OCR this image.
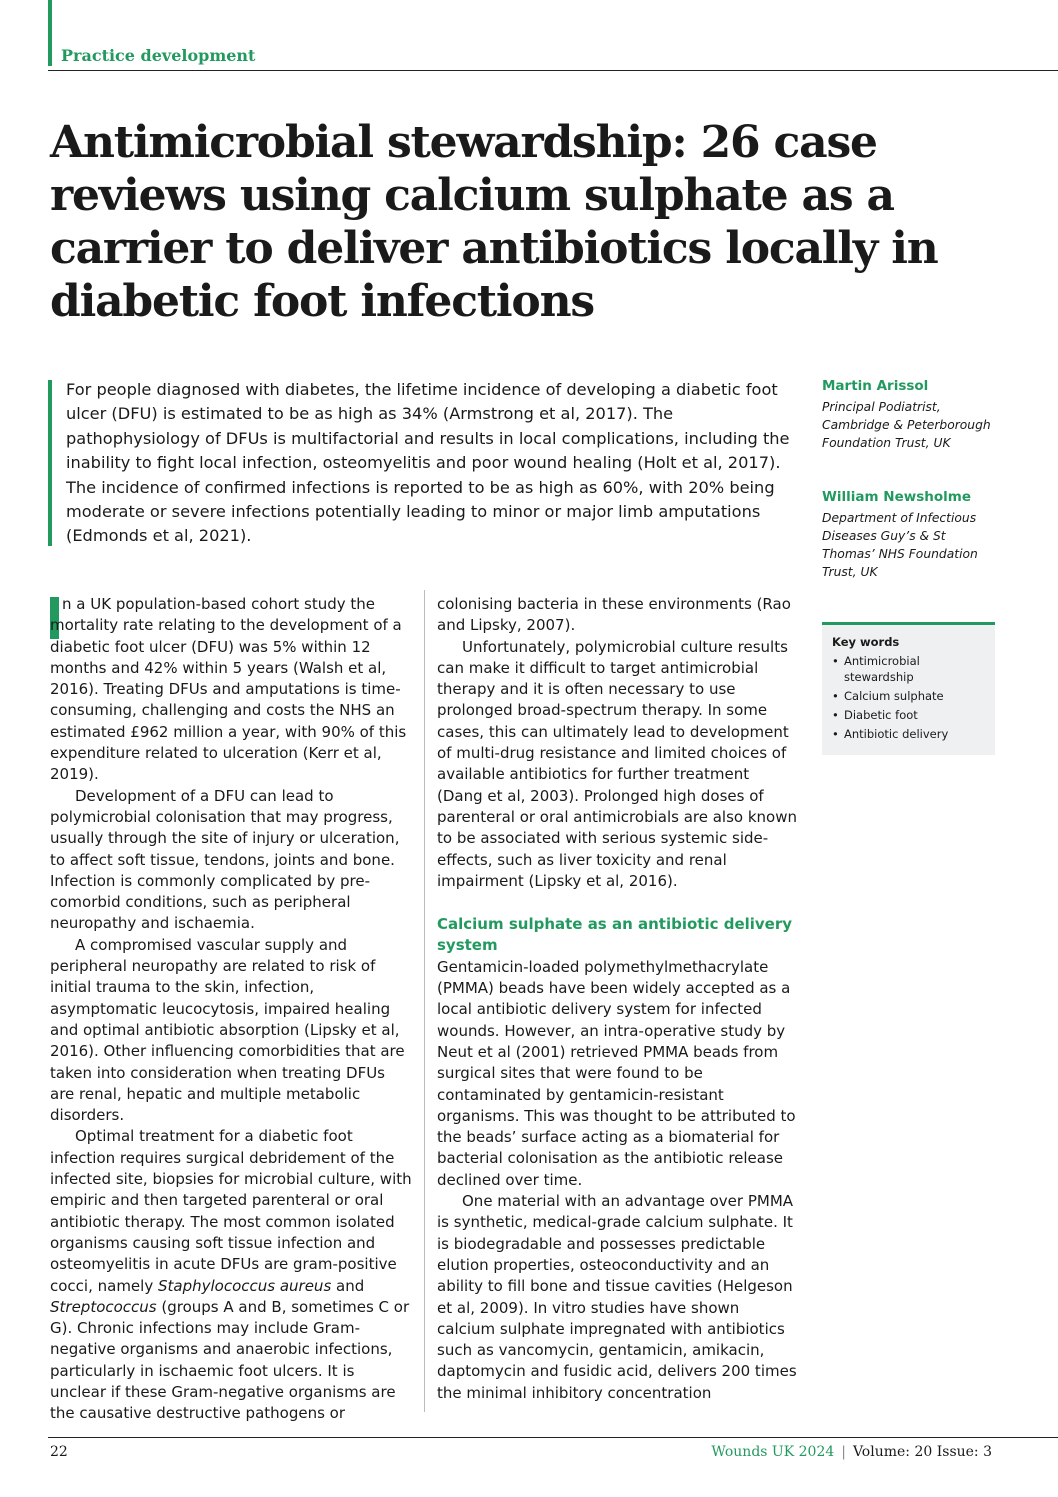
Practice development
Antimicrobial stewardship: 26 case reviews using calcium sulphate as a carrier to deliver antibiotics locally in diabetic foot infections

For people diagnosed with diabetes, the lifetime incidence of developing a diabetic foot ulcer (DFU) is estimated to be as high as 34% (Armstrong et al, 2017). The pathophysiology of DFUs is multifactorial and results in local complications, including the inability to fight local infection, osteomyelitis and poor wound healing (Holt et al, 2017). The incidence of confirmed infections is reported to be as high as 60%, with 20% being moderate or severe infections potentially leading to minor or major limb amputations (Edmonds et al, 2021).

Martin Arissol

Principal Podiatrist, Cambridge & Peterborough Foundation Trust, UK

William Newsholme

Department of Infectious Diseases Guy’s & St Thomas’ NHS Foundation Trust, UK

Key words

• Antimicrobial stewardship
• Calcium sulphate
• Diabetic foot
• Antibiotic delivery

n a UK population-based cohort study the mortality rate relating to the development of a diabetic foot ulcer (DFU) was 5% within 12 months and 42% within 5 years (Walsh et al, 2016). Treating DFUs and amputations is time-consuming, challenging and costs the NHS an estimated £962 million a year, with 90% of this expenditure related to ulceration (Kerr et al, 2019).

Development of a DFU can lead to polymicrobial colonisation that may progress, usually through the site of injury or ulceration, to affect soft tissue, tendons, joints and bone. Infection is commonly complicated by pre-comorbid conditions, such as peripheral neuropathy and ischaemia.

A compromised vascular supply and peripheral neuropathy are related to risk of initial trauma to the skin, infection, asymptomatic leucocytosis, impaired healing and optimal antibiotic absorption (Lipsky et al, 2016). Other influencing comorbidities that are taken into consideration when treating DFUs are renal, hepatic and multiple metabolic disorders.

Optimal treatment for a diabetic foot infection requires surgical debridement of the infected site, biopsies for microbial culture, with empiric and then targeted parenteral or oral antibiotic therapy. The most common isolated organisms causing soft tissue infection and osteomyelitis in acute DFUs are gram-positive cocci, namely Staphylococcus aureus and Streptococcus (groups A and B, sometimes C or G). Chronic infections may include Gram-negative organisms and anaerobic infections, particularly in ischaemic foot ulcers. It is unclear if these Gram-negative organisms are the causative destructive pathogens or

colonising bacteria in these environments (Rao and Lipsky, 2007).

Unfortunately, polymicrobial culture results can make it difficult to target antimicrobial therapy and it is often necessary to use prolonged broad-spectrum therapy. In some cases, this can ultimately lead to development of multi-drug resistance and limited choices of available antibiotics for further treatment (Dang et al, 2003). Prolonged high doses of parenteral or oral antimicrobials are also known to be associated with serious systemic side-effects, such as liver toxicity and renal impairment (Lipsky et al, 2016).

Calcium sulphate as an antibiotic delivery system

Gentamicin-loaded polymethylmethacrylate (PMMA) beads have been widely accepted as a local antibiotic delivery system for infected wounds. However, an intra-operative study by Neut et al (2001) retrieved PMMA beads from surgical sites that were found to be contaminated by gentamicin-resistant organisms. This was thought to be attributed to the beads’ surface acting as a biomaterial for bacterial colonisation as the antibiotic release declined over time.

One material with an advantage over PMMA is synthetic, medical-grade calcium sulphate. It is biodegradable and possesses predictable elution properties, osteoconductivity and an ability to fill bone and tissue cavities (Helgeson et al, 2009). In vitro studies have shown calcium sulphate impregnated with antibiotics such as vancomycin, gentamicin, amikacin, daptomycin and fusidic acid, delivers 200 times the minimal inhibitory concentration

22	Wounds UK 2024 | Volume: 20 Issue: 3
